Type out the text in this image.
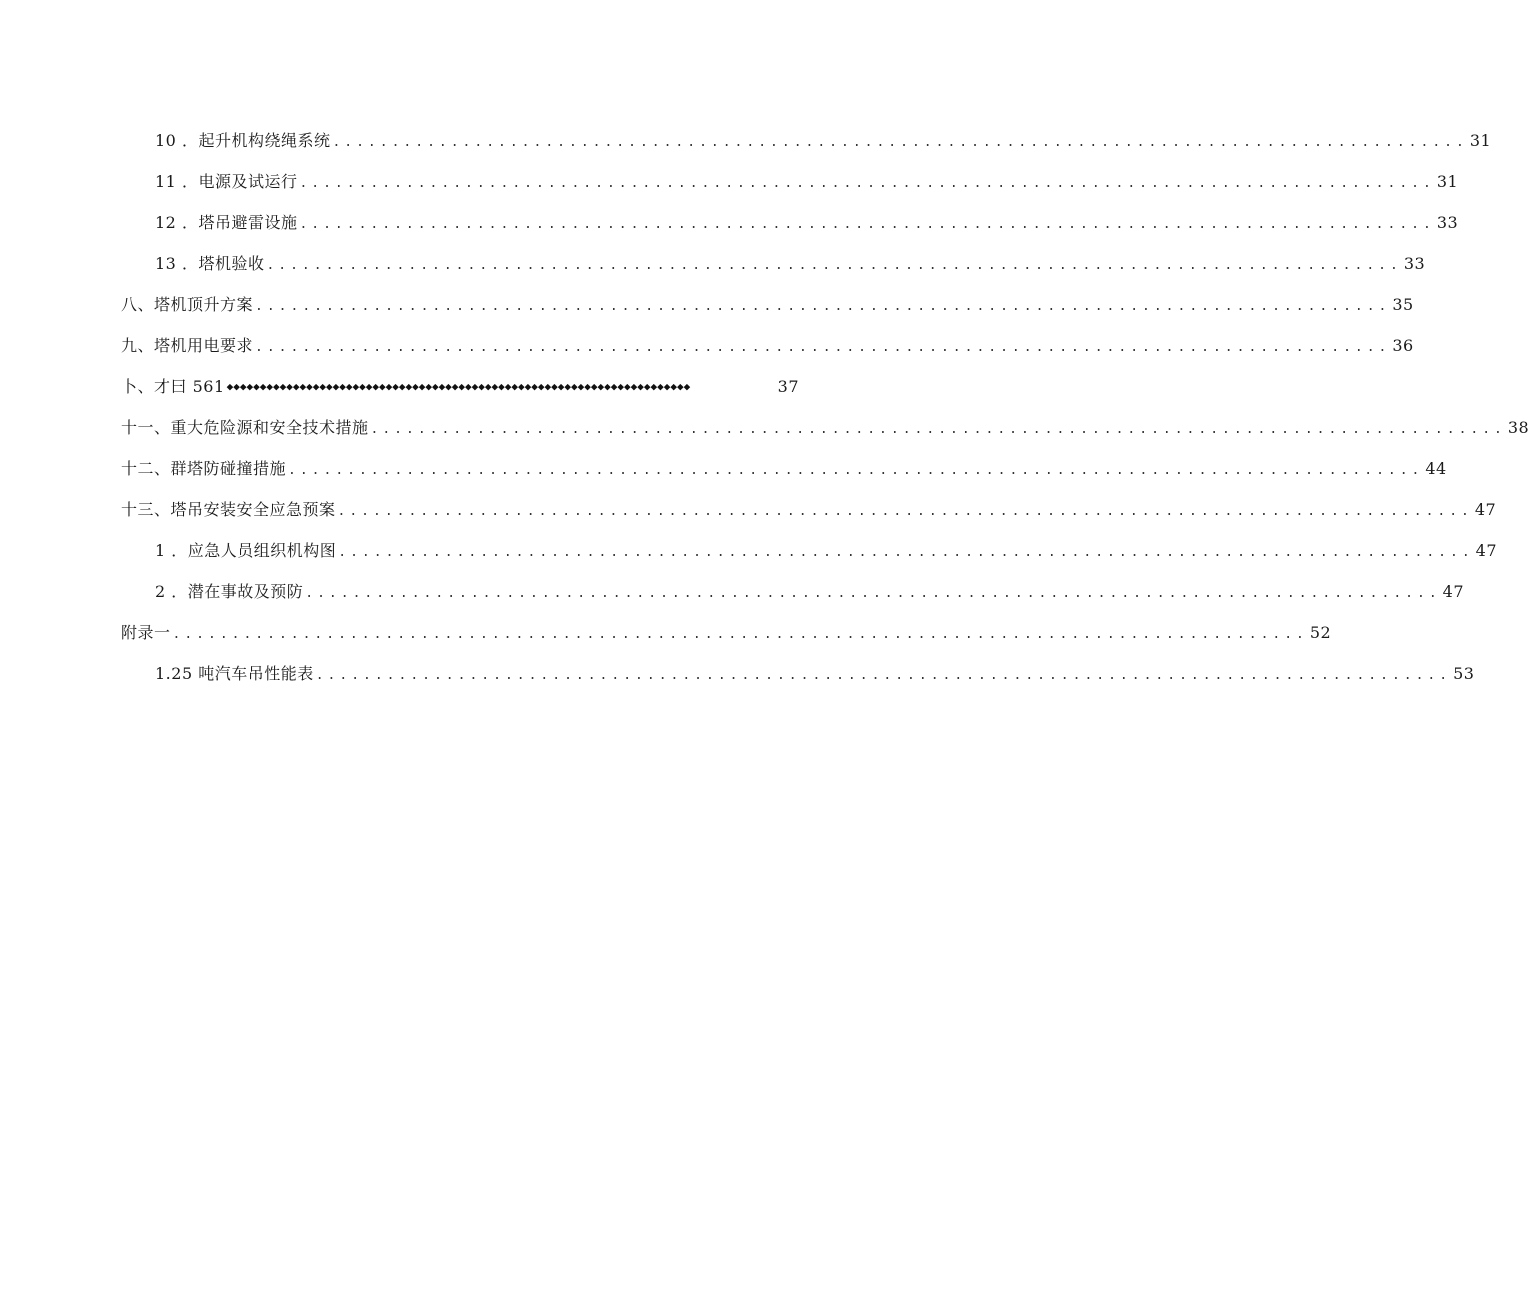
10 ．起升机构绕绳系统 ................................................................................................ 31
11 ．电源及试运行 ................................................................................................ 31
12 ．塔吊避雷设施 ................................................................................................ 33
13 ．塔机验收 ................................................................................................ 33
八、塔机顶升方案 ................................................................................................ 35
九、塔机用电要求 ................................................................................................ 36
卜、才曰 561 ◆◆◆◆◆◆◆◆◆◆◆◆◆◆◆◆◆◆◆◆◆◆◆◆◆◆◆◆◆◆◆◆◆◆◆◆◆◆◆◆◆◆◆◆◆◆◆◆◆◆◆◆◆◆◆◆◆◆◆◆◆◆◆◆◆◆◆◆◆◆	37
十一、重大危险源和安全技术措施 ................................................................................................ 38
十二、群塔防碰撞措施 ................................................................................................ 44
十三、塔吊安装安全应急预案 ................................................................................................ 47
1 ．应急人员组织机构图 ................................................................................................ 47
2 ．潜在事故及预防 ................................................................................................ 47
附录一 ................................................................................................ 52
1.25 吨汽车吊性能表 ................................................................................................ 53
